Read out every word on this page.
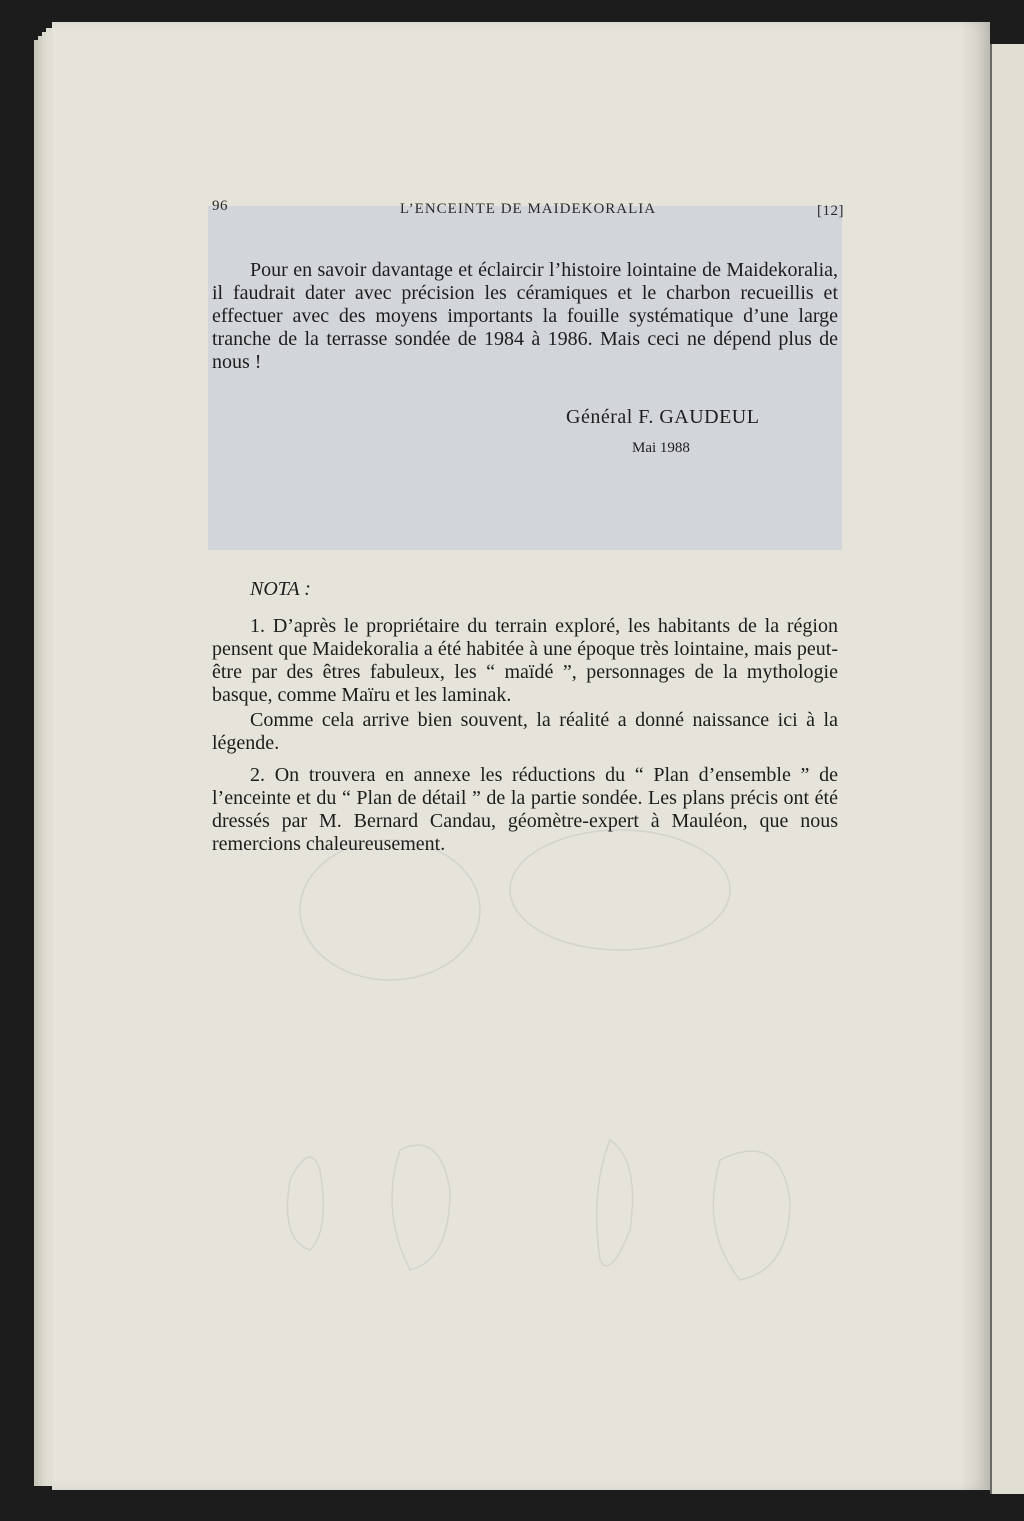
96	L’ENCEINTE DE MAIDEKORALIA	[12]

Pour en savoir davantage et éclaircir l’histoire lointaine de Maidekoralia, il faudrait dater avec précision les céramiques et le charbon recueillis et effectuer avec des moyens importants la fouille systématique d’une large tranche de la terrasse sondée de 1984 à 1986. Mais ceci ne dépend plus de nous !

Général F. GAUDEUL
Mai 1988
NOTA :

1. D’après le propriétaire du terrain exploré, les habitants de la région pensent que Maidekoralia a été habitée à une époque très lointaine, mais peut-être par des êtres fabuleux, les “ maïdé ”, personnages de la mythologie basque, comme Maïru et les laminak.

Comme cela arrive bien souvent, la réalité a donné naissance ici à la légende.

2. On trouvera en annexe les réductions du “ Plan d’ensemble ” de l’enceinte et du “ Plan de détail ” de la partie sondée. Les plans précis ont été dressés par M. Bernard Candau, géomètre-expert à Mauléon, que nous remercions chaleureusement.
